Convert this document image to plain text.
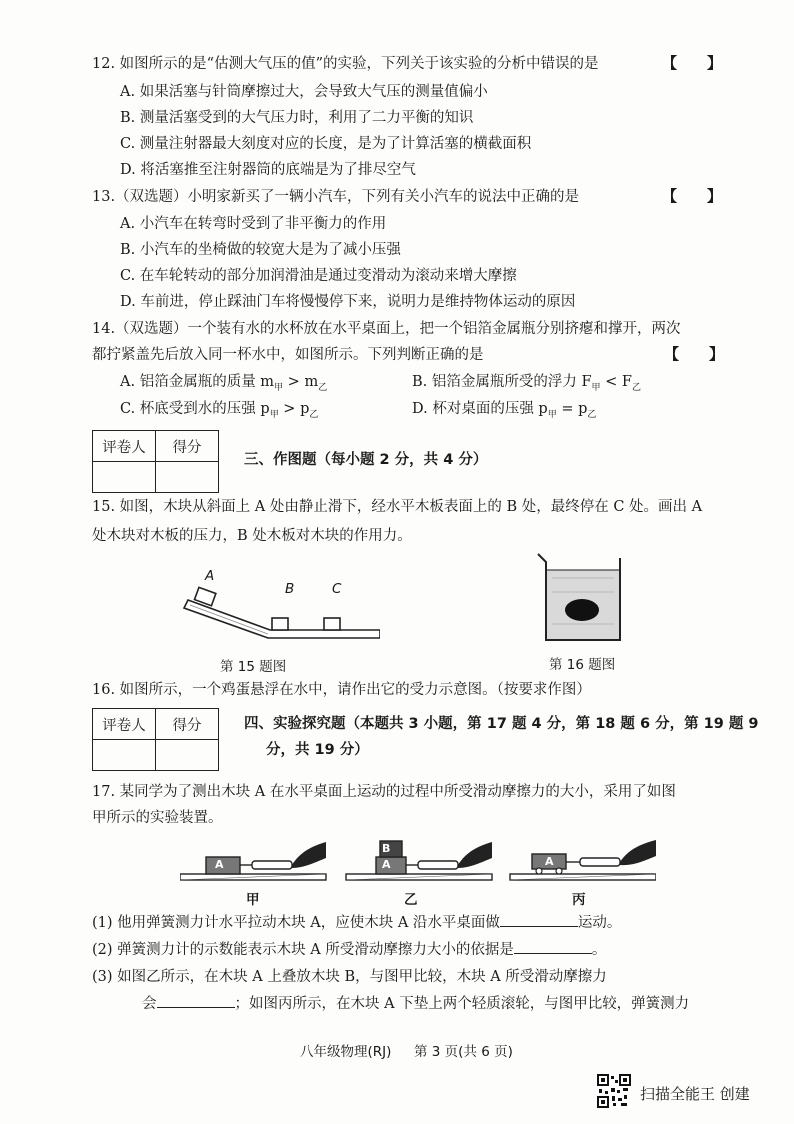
12. 如图所示的是“估测大气压的值”的实验，下列关于该实验的分析中错误的是	【　　】
A. 如果活塞与针筒摩擦过大，会导致大气压的测量值偏小
B. 测量活塞受到的大气压力时，利用了二力平衡的知识
C. 测量注射器最大刻度对应的长度，是为了计算活塞的横截面积
D. 将活塞推至注射器筒的底端是为了排尽空气
13.（双选题）小明家新买了一辆小汽车，下列有关小汽车的说法中正确的是	【　　】
A. 小汽车在转弯时受到了非平衡力的作用
B. 小汽车的坐椅做的较宽大是为了减小压强
C. 在车轮转动的部分加润滑油是通过变滑动为滚动来增大摩擦
D. 车前进，停止踩油门车将慢慢停下来，说明力是维持物体运动的原因
14.（双选题）一个装有水的水杯放在水平桌面上，把一个铝箔金属瓶分别挤瘪和撑开，两次
都拧紧盖先后放入同一杯水中，如图所示。下列判断正确的是	【　　】
A. 铝箔金属瓶的质量 $m_甲 > m_乙$	B. 铝箔金属瓶所受的浮力 $F_甲 < F_乙$
C. 杯底受到水的压强 $p_甲 > p_乙$	D. 杯对桌面的压强 $p_甲 = p_乙$
评卷人	得分

三、作图题（每小题 2 分，共 4 分）
15. 如图，木块从斜面上 A 处由静止滑下，经水平木板表面上的 B 处，最终停在 C 处。画出 A
处木块对木板的压力，B 处木板对木块的作用力。
A
B	C
第 15 题图	第 16 题图
16. 如图所示，一个鸡蛋悬浮在水中，请作出它的受力示意图。（按要求作图）
评卷人	得分
		四、实验探究题（本题共 3 小题，第 17 题 4 分，第 18 题 6 分，第 19 题 9
分，共 19 分）
17. 某同学为了测出木块 A 在水平桌面上运动的过程中所受滑动摩擦力的大小，采用了如图
甲所示的实验装置。
A	A
B
A
甲	乙	丙
(1) 他用弹簧测力计水平拉动木块 A，应使木块 A 沿水平桌面做	运动。
(2) 弹簧测力计的示数能表示木块 A 所受滑动摩擦力大小的依据是	。
(3) 如图乙所示，在木块 A 上叠放木块 B，与图甲比较，木块 A 所受滑动摩擦力
会	；如图丙所示，在木块 A 下垫上两个轻质滚轮，与图甲比较，弹簧测力
八年级物理(RJ) 第 3 页(共 6 页)
扫描全能王 创建
